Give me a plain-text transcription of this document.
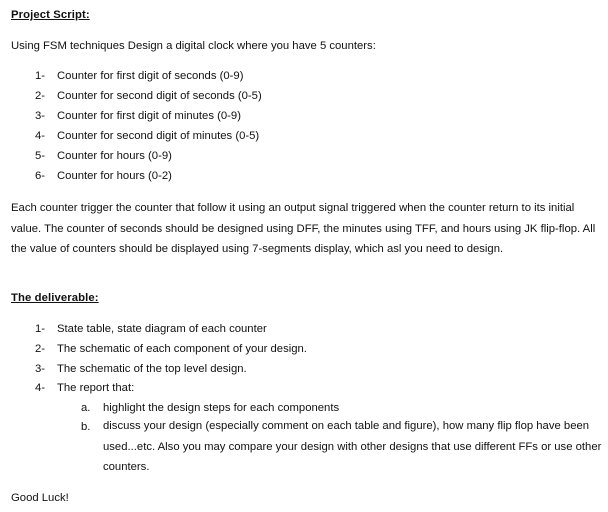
Project Script:
Using FSM techniques Design a digital clock where you have 5 counters:
1- Counter for first digit of seconds (0-9)
2- Counter for second digit of seconds (0-5)
3- Counter for first digit of minutes (0-9)
4- Counter for second digit of minutes (0-5)
5- Counter for hours (0-9)
6- Counter for hours (0-2)
Each counter trigger the counter that follow it using an output signal triggered when the counter return to its initial value. The counter of seconds should be designed using DFF, the minutes using TFF, and hours using JK flip-flop. All the value of counters should be displayed using 7-segments display, which asl you need to design.
The deliverable:
1- State table, state diagram of each counter
2- The schematic of each component of your design.
3- The schematic of the top level design.
4- The report that:
a. highlight the design steps for each components
b. discuss your design (especially comment on each table and figure), how many flip flop have been used...etc. Also you may compare your design with other designs that use different FFs or use other counters.
Good Luck!
